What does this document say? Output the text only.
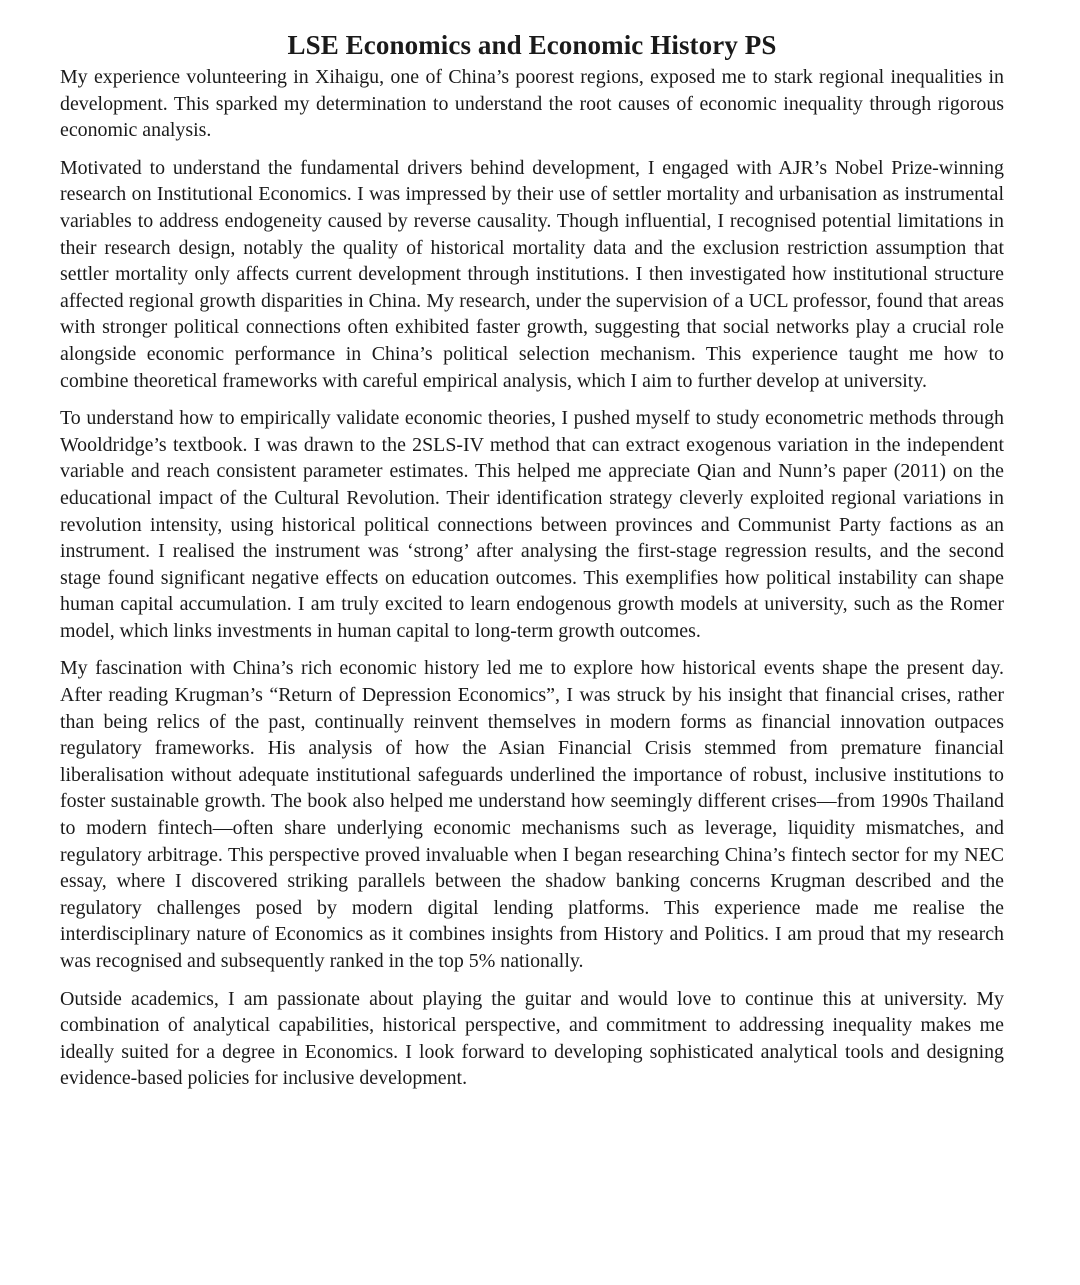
LSE Economics and Economic History PS

My experience volunteering in Xihaigu, one of China’s poorest regions, exposed me to stark regional inequalities in development. This sparked my determination to understand the root causes of economic inequality through rigorous economic analysis.

Motivated to understand the fundamental drivers behind development, I engaged with AJR’s Nobel Prize-winning research on Institutional Economics. I was impressed by their use of settler mortality and urbanisation as instrumental variables to address endogeneity caused by reverse causality. Though influential, I recognised potential limitations in their research design, notably the quality of historical mortality data and the exclusion restriction assumption that settler mortality only affects current development through institutions. I then investigated how institutional structure affected regional growth disparities in China. My research, under the supervision of a UCL professor, found that areas with stronger political connections often exhibited faster growth, suggesting that social networks play a crucial role alongside economic performance in China’s political selection mechanism. This experience taught me how to combine theoretical frameworks with careful empirical analysis, which I aim to further develop at university.

To understand how to empirically validate economic theories, I pushed myself to study econometric methods through Wooldridge’s textbook. I was drawn to the 2SLS-IV method that can extract exogenous variation in the independent variable and reach consistent parameter estimates. This helped me appreciate Qian and Nunn’s paper (2011) on the educational impact of the Cultural Revolution. Their identification strategy cleverly exploited regional variations in revolution intensity, using historical political connections between provinces and Communist Party factions as an instrument. I realised the instrument was ‘strong’ after analysing the first-stage regression results, and the second stage found significant negative effects on education outcomes. This exemplifies how political instability can shape human capital accumulation. I am truly excited to learn endogenous growth models at university, such as the Romer model, which links investments in human capital to long-term growth outcomes.

My fascination with China’s rich economic history led me to explore how historical events shape the present day. After reading Krugman’s “Return of Depression Economics”, I was struck by his insight that financial crises, rather than being relics of the past, continually reinvent themselves in modern forms as financial innovation outpaces regulatory frameworks. His analysis of how the Asian Financial Crisis stemmed from premature financial liberalisation without adequate institutional safeguards underlined the importance of robust, inclusive institutions to foster sustainable growth. The book also helped me understand how seemingly different crises—from 1990s Thailand to modern fintech—often share underlying economic mechanisms such as leverage, liquidity mismatches, and regulatory arbitrage. This perspective proved invaluable when I began researching China’s fintech sector for my NEC essay, where I discovered striking parallels between the shadow banking concerns Krugman described and the regulatory challenges posed by modern digital lending platforms. This experience made me realise the interdisciplinary nature of Economics as it combines insights from History and Politics. I am proud that my research was recognised and subsequently ranked in the top 5% nationally.

Outside academics, I am passionate about playing the guitar and would love to continue this at university. My combination of analytical capabilities, historical perspective, and commitment to addressing inequality makes me ideally suited for a degree in Economics. I look forward to developing sophisticated analytical tools and designing evidence-based policies for inclusive development.
